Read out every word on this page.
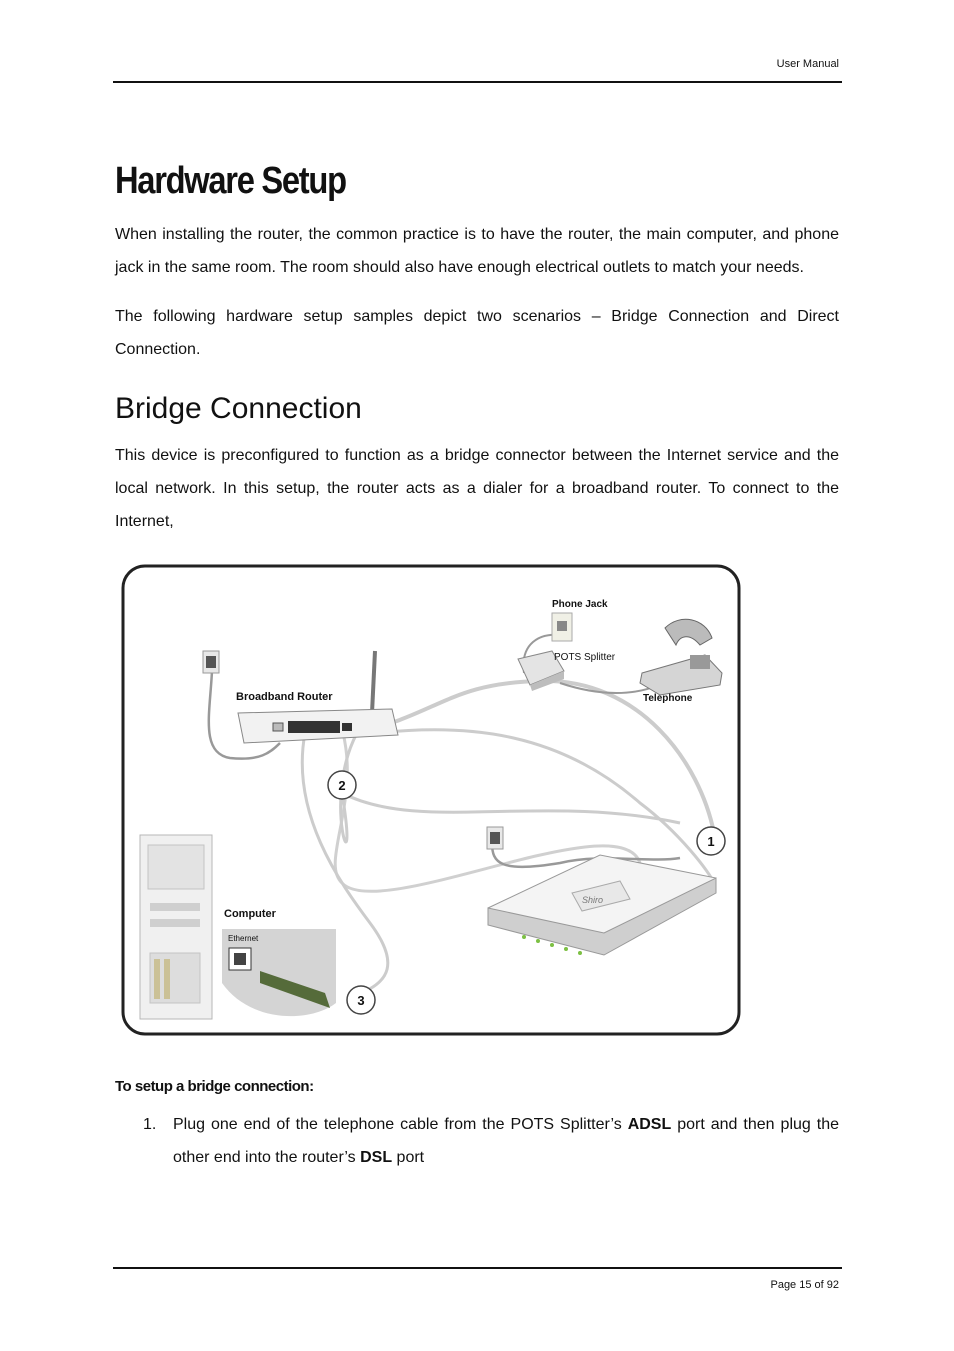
User Manual
Hardware Setup
When installing the router, the common practice is to have the router, the main computer, and phone jack in the same room. The room should also have enough electrical outlets to match your needs.
The following hardware setup samples depict two scenarios – Bridge Connection and Direct Connection.
Bridge Connection
This device is preconfigured to function as a bridge connector between the Internet service and the local network. In this setup, the router acts as a dialer for a broadband router. To connect to the Internet,
Phone Jack
POTS Splitter
Telephone
Broadband Router
Computer
Ethernet
Shiro
1
2
3
To setup a bridge connection:
1. Plug one end of the telephone cable from the POTS Splitter’s ADSL port and then plug the other end into the router’s DSL port
Page 15 of 92
